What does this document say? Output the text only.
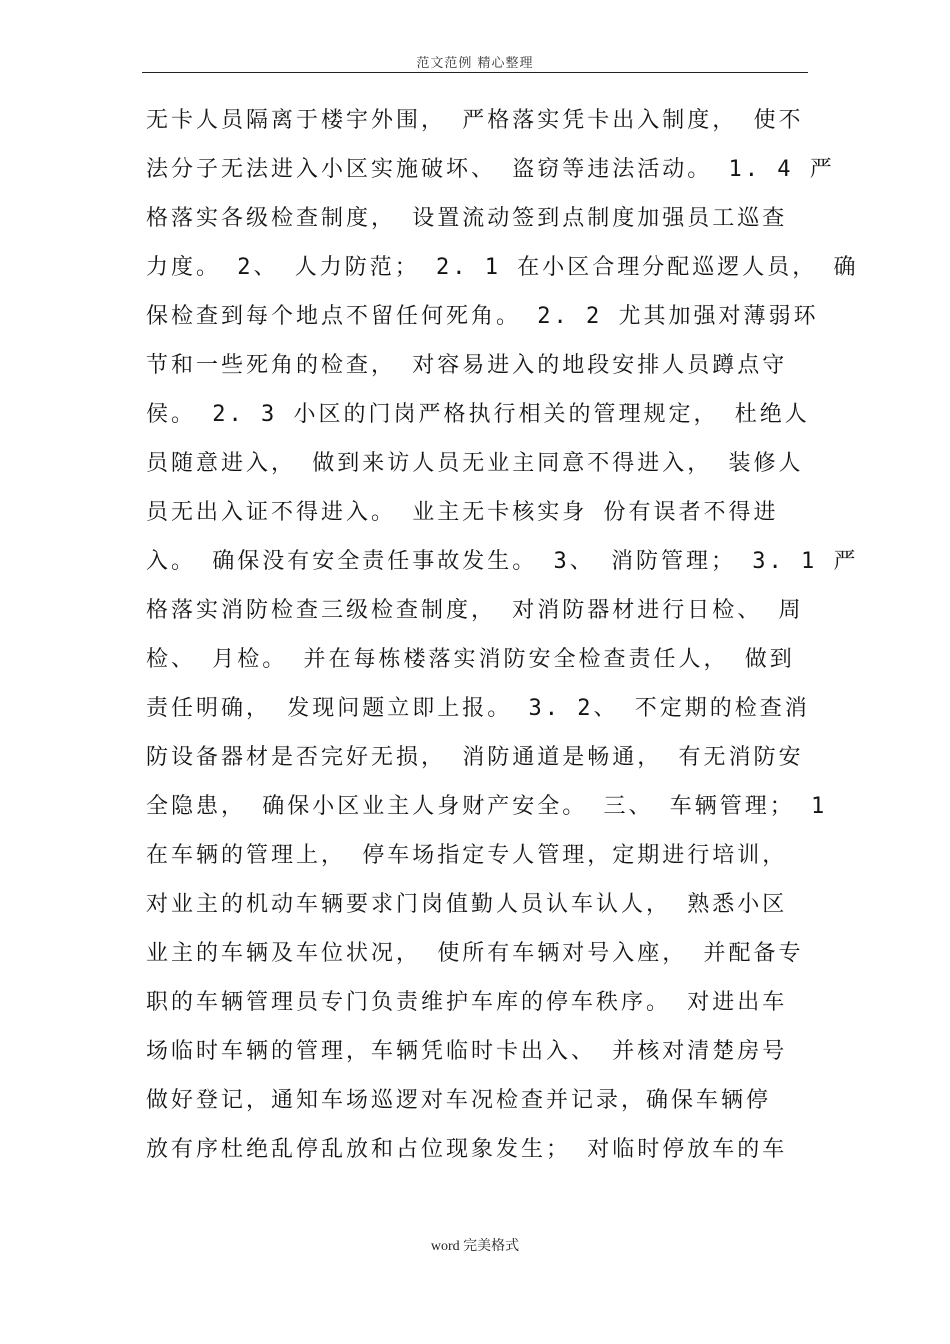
范文范例 精心整理
无卡人员隔离于楼宇外围， 严格落实凭卡出入制度， 使不
法分子无法进入小区实施破坏、 盗窃等违法活动。 1. 4 严
格落实各级检查制度， 设置流动签到点制度加强员工巡查
力度。 2、 人力防范； 2. 1 在小区合理分配巡逻人员， 确
保检查到每个地点不留任何死角。 2. 2 尤其加强对薄弱环
节和一些死角的检查， 对容易进入的地段安排人员蹲点守
侯。 2. 3 小区的门岗严格执行相关的管理规定， 杜绝人
员随意进入， 做到来访人员无业主同意不得进入， 装修人
员无出入证不得进入。 业主无卡核实身 份有误者不得进
入。 确保没有安全责任事故发生。 3、 消防管理； 3. 1 严
格落实消防检查三级检查制度， 对消防器材进行日检、 周
检、 月检。 并在每栋楼落实消防安全检查责任人， 做到
责任明确， 发现问题立即上报。 3. 2、 不定期的检查消
防设备器材是否完好无损， 消防通道是畅通， 有无消防安
全隐患， 确保小区业主人身财产安全。 三、 车辆管理； 1
在车辆的管理上， 停车场指定专人管理，定期进行培训，
对业主的机动车辆要求门岗值勤人员认车认人， 熟悉小区
业主的车辆及车位状况， 使所有车辆对号入座， 并配备专
职的车辆管理员专门负责维护车库的停车秩序。 对进出车
场临时车辆的管理，车辆凭临时卡出入、 并核对清楚房号
做好登记，通知车场巡逻对车况检查并记录，确保车辆停
放有序杜绝乱停乱放和占位现象发生； 对临时停放车的车
word 完美格式
